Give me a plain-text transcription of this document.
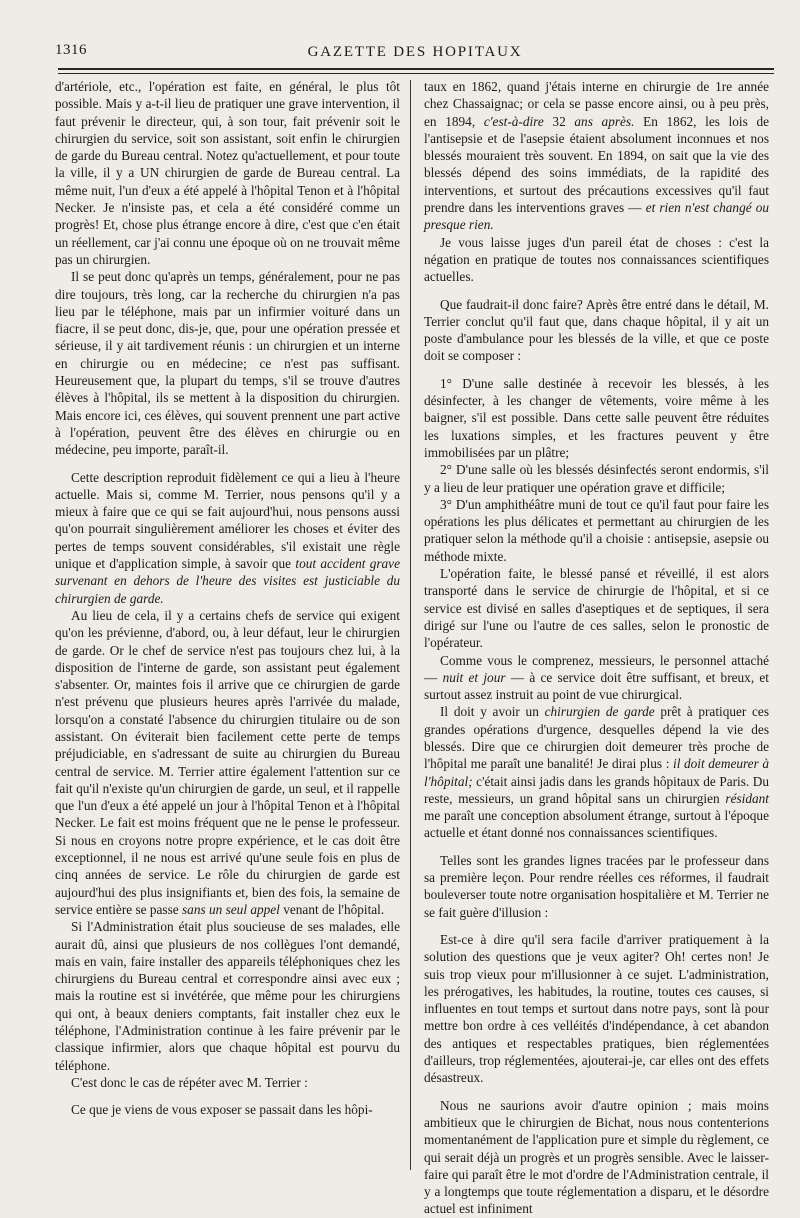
1316	GAZETTE DES HOPITAUX

d'artériole, etc., l'opération est faite, en général, le plus tôt possible. Mais y a-t-il lieu de pratiquer une grave intervention, il faut prévenir le directeur, qui, à son tour, fait prévenir soit le chirurgien du service, soit son assistant, soit enfin le chirurgien de garde du Bureau central. Notez qu'actuellement, et pour toute la ville, il y a UN chirurgien de garde de Bureau central. La même nuit, l'un d'eux a été appelé à l'hôpital Tenon et à l'hôpital Necker. Je n'insiste pas, et cela a été considéré comme un progrès! Et, chose plus étrange encore à dire, c'est que c'en était un réellement, car j'ai connu une époque où on ne trouvait même pas un chirurgien.

Il se peut donc qu'après un temps, généralement, pour ne pas dire toujours, très long, car la recherche du chirurgien n'a pas lieu par le téléphone, mais par un infirmier voituré dans un fiacre, il se peut donc, dis-je, que, pour une opération pressée et sérieuse, il y ait tardivement réunis : un chirurgien et un interne en chirurgie ou en médecine; ce n'est pas suffisant. Heureusement que, la plupart du temps, s'il se trouve d'autres élèves à l'hôpital, ils se mettent à la disposition du chirurgien. Mais encore ici, ces élèves, qui souvent prennent une part active à l'opération, peuvent être des élèves en chirurgie ou en médecine, peu importe, paraît-il.

Cette description reproduit fidèlement ce qui a lieu à l'heure actuelle. Mais si, comme M. Terrier, nous pensons qu'il y a mieux à faire que ce qui se fait aujourd'hui, nous pensons aussi qu'on pourrait singulièrement améliorer les choses et éviter des pertes de temps souvent considérables, s'il existait une règle unique et d'application simple, à savoir que tout accident grave survenant en dehors de l'heure des visites est justiciable du chirurgien de garde.

Au lieu de cela, il y a certains chefs de service qui exigent qu'on les prévienne, d'abord, ou, à leur défaut, leur le chirurgien de garde. Or le chef de service n'est pas toujours chez lui, à la disposition de l'interne de garde, son assistant peut également s'absenter. Or, maintes fois il arrive que ce chirurgien de garde n'est prévenu que plusieurs heures après l'arrivée du malade, lorsqu'on a constaté l'absence du chirurgien titulaire ou de son assistant. On éviterait bien facilement cette perte de temps préjudiciable, en s'adressant de suite au chirurgien du Bureau central de service. M. Terrier attire également l'attention sur ce fait qu'il n'existe qu'un chirurgien de garde, un seul, et il rappelle que l'un d'eux a été appelé un jour à l'hôpital Tenon et à l'hôpital Necker. Le fait est moins fréquent que ne le pense le professeur. Si nous en croyons notre propre expérience, et le cas doit être exceptionnel, il ne nous est arrivé qu'une seule fois en plus de cinq années de service. Le rôle du chirurgien de garde est aujourd'hui des plus insignifiants et, bien des fois, la semaine de service entière se passe sans un seul appel venant de l'hôpital.

Si l'Administration était plus soucieuse de ses malades, elle aurait dû, ainsi que plusieurs de nos collègues l'ont demandé, mais en vain, faire installer des appareils téléphoniques chez les chirurgiens du Bureau central et correspondre ainsi avec eux ; mais la routine est si invétérée, que même pour les chirurgiens qui ont, à beaux deniers comptants, fait installer chez eux le téléphone, l'Administration continue à les faire prévenir par le classique infirmier, alors que chaque hôpital est pourvu du téléphone.

C'est donc le cas de répéter avec M. Terrier :

Ce que je viens de vous exposer se passait dans les hôpi-

taux en 1862, quand j'étais interne en chirurgie de 1re année chez Chassaignac; or cela se passe encore ainsi, ou à peu près, en 1894, c'est-à-dire 32 ans après. En 1862, les lois de l'antisepsie et de l'asepsie étaient absolument inconnues et nos blessés mouraient très souvent. En 1894, on sait que la vie des blessés dépend des soins immédiats, de la rapidité des interventions, et surtout des précautions excessives qu'il faut prendre dans les interventions graves — et rien n'est changé ou presque rien.

Je vous laisse juges d'un pareil état de choses : c'est la négation en pratique de toutes nos connaissances scientifiques actuelles.

Que faudrait-il donc faire? Après être entré dans le détail, M. Terrier conclut qu'il faut que, dans chaque hôpital, il y ait un poste d'ambulance pour les blessés de la ville, et que ce poste doit se composer :

1° D'une salle destinée à recevoir les blessés, à les désinfecter, à les changer de vêtements, voire même à les baigner, s'il est possible. Dans cette salle peuvent être réduites les luxations simples, et les fractures peuvent y être immobilisées par un plâtre;

2° D'une salle où les blessés désinfectés seront endormis, s'il y a lieu de leur pratiquer une opération grave et difficile;

3° D'un amphithéâtre muni de tout ce qu'il faut pour faire les opérations les plus délicates et permettant au chirurgien de les pratiquer selon la méthode qu'il a choisie : antisepsie, asepsie ou méthode mixte.

L'opération faite, le blessé pansé et réveillé, il est alors transporté dans le service de chirurgie de l'hôpital, et si ce service est divisé en salles d'aseptiques et de septiques, il sera dirigé sur l'une ou l'autre de ces salles, selon le pronostic de l'opérateur.

Comme vous le comprenez, messieurs, le personnel attaché — nuit et jour — à ce service doit être suffisant, et breux, et surtout assez instruit au point de vue chirurgical.

Il doit y avoir un chirurgien de garde prêt à pratiquer ces grandes opérations d'urgence, desquelles dépend la vie des blessés. Dire que ce chirurgien doit demeurer très proche de l'hôpital me paraît une banalité! Je dirai plus : il doit demeurer à l'hôpital; c'était ainsi jadis dans les grands hôpitaux de Paris. Du reste, messieurs, un grand hôpital sans un chirurgien résidant me paraît une conception absolument étrange, surtout à l'époque actuelle et étant donné nos connaissances scientifiques.

Telles sont les grandes lignes tracées par le professeur dans sa première leçon. Pour rendre réelles ces réformes, il faudrait bouleverser toute notre organisation hospitalière et M. Terrier ne se fait guère d'illusion :

Est-ce à dire qu'il sera facile d'arriver pratiquement à la solution des questions que je veux agiter? Oh! certes non! Je suis trop vieux pour m'illusionner à ce sujet. L'administration, les prérogatives, les habitudes, la routine, toutes ces causes, si influentes en tout temps et surtout dans notre pays, sont là pour mettre bon ordre à ces velléités d'indépendance, à cet abandon des antiques et respectables pratiques, bien réglementées d'ailleurs, trop réglementées, ajouterai-je, car elles ont des effets désastreux.

Nous ne saurions avoir d'autre opinion ; mais moins ambitieux que le chirurgien de Bichat, nous nous contenterions momentanément de l'application pure et simple du règlement, ce qui serait déjà un progrès et un progrès sensible. Avec le laisser-faire qui paraît être le mot d'ordre de l'Administration centrale, il y a longtemps que toute réglementation a disparu, et le désordre actuel est infiniment
